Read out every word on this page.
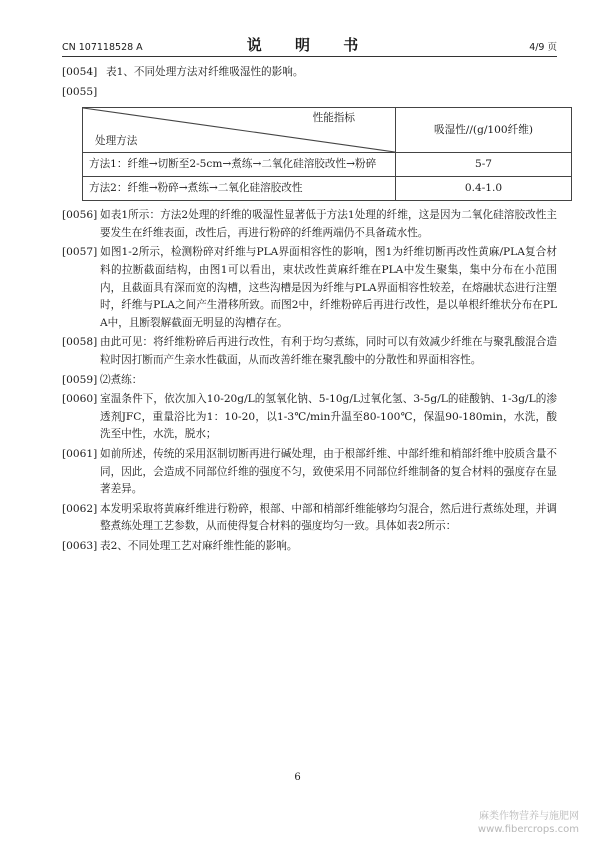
CN 107118528 A	说 明 书	4/9 页

[0054] 表1、不同处理方法对纤维吸湿性的影响。

[0055]

性能指标
处理方法	吸湿性//(g/100纤维)
方法1：纤维→切断至2-5cm→煮练→二氧化硅溶胶改性→粉碎	5-7
方法2：纤维→粉碎→煮练→二氧化硅溶胶改性	0.4-1.0

[0056] 如表1所示：方法2处理的纤维的吸湿性显著低于方法1处理的纤维，这是因为二氧化硅溶胶改性主要发生在纤维表面，改性后，再进行粉碎的纤维两端仍不具备疏水性。

[0057] 如图1-2所示，检测粉碎对纤维与PLA界面相容性的影响，图1为纤维切断再改性黄麻/PLA复合材料的拉断截面结构，由图1可以看出，束状改性黄麻纤维在PLA中发生聚集，集中分布在小范围内，且截面具有深而宽的沟槽，这些沟槽是因为纤维与PLA界面相容性较差，在熔融状态进行注塑时，纤维与PLA之间产生滑移所致。而图2中，纤维粉碎后再进行改性，是以单根纤维状分布在PLA中，且断裂解截面无明显的沟槽存在。

[0058] 由此可见：将纤维粉碎后再进行改性，有利于均匀煮练，同时可以有效减少纤维在与聚乳酸混合造粒时因打断而产生亲水性截面，从而改善纤维在聚乳酸中的分散性和界面相容性。

[0059] ⑵煮练：

[0060] 室温条件下，依次加入10-20g/L的氢氧化钠、5-10g/L过氧化氢、3-5g/L的硅酸钠、1-3g/L的渗透剂JFC，重量浴比为1：10-20，以1-3℃/min升温至80-100℃，保温90-180min，水洗，酸洗至中性，水洗，脱水；

[0061] 如前所述，传统的采用沤制切断再进行碱处理，由于根部纤维、中部纤维和梢部纤维中胶质含量不同，因此，会造成不同部位纤维的强度不匀，致使采用不同部位纤维制备的复合材料的强度存在显著差异。

[0062] 本发明采取将黄麻纤维进行粉碎，根部、中部和梢部纤维能够均匀混合，然后进行煮练处理，并调整煮练处理工艺参数，从而使得复合材料的强度均匀一致。具体如表2所示：

[0063] 表2、不同处理工艺对麻纤维性能的影响。

6
麻类作物营养与施肥网
www.fibercrops.com
